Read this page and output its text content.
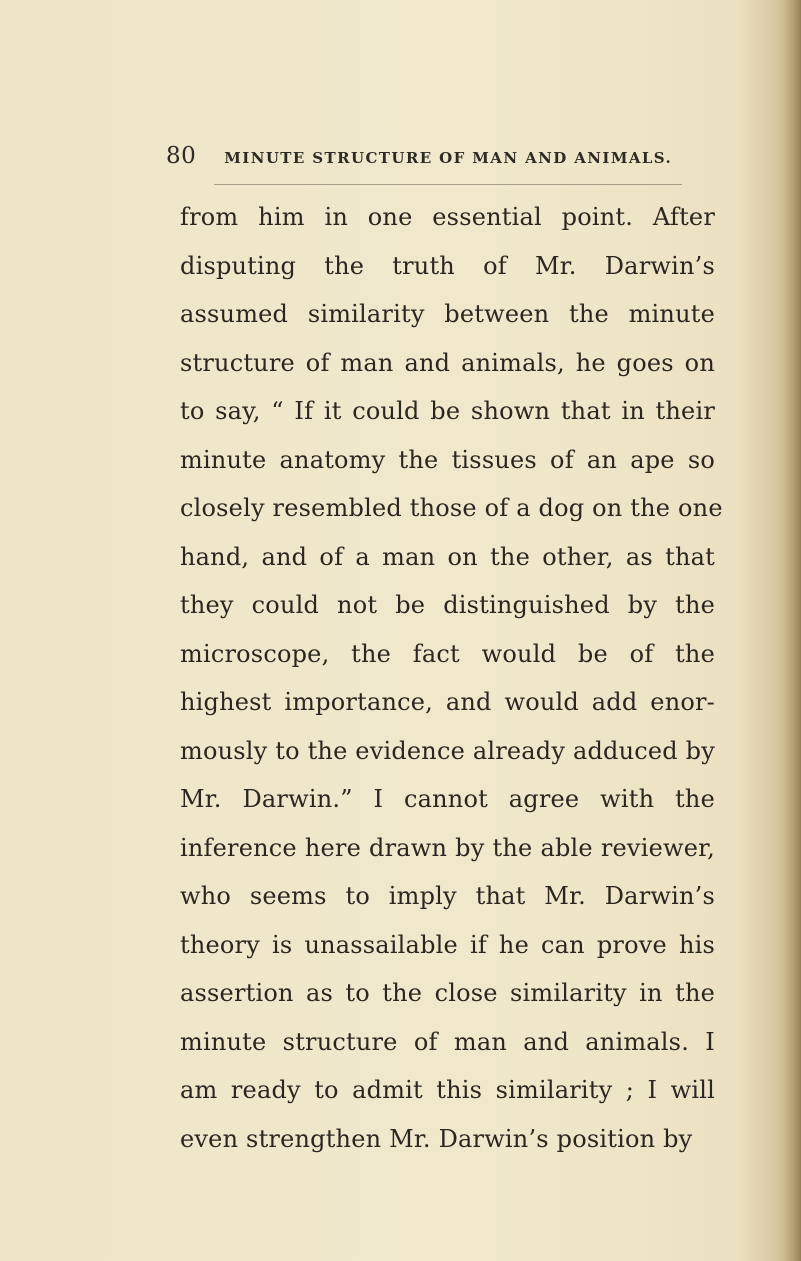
80 MINUTE STRUCTURE OF MAN AND ANIMALS.
from him in one essential point. After
disputing the truth of Mr. Darwin’s
assumed similarity between the minute
structure of man and animals, he goes on
to say, “ If it could be shown that in their
minute anatomy the tissues of an ape so
closely resembled those of a dog on the one
hand, and of a man on the other, as that
they could not be distinguished by the
microscope, the fact would be of the
highest importance, and would add enor-
mously to the evidence already adduced by
Mr. Darwin.” I cannot agree with the
inference here drawn by the able reviewer,
who seems to imply that Mr. Darwin’s
theory is unassailable if he can prove his
assertion as to the close similarity in the
minute structure of man and animals. I
am ready to admit this similarity ; I will
even strengthen Mr. Darwin’s position by
